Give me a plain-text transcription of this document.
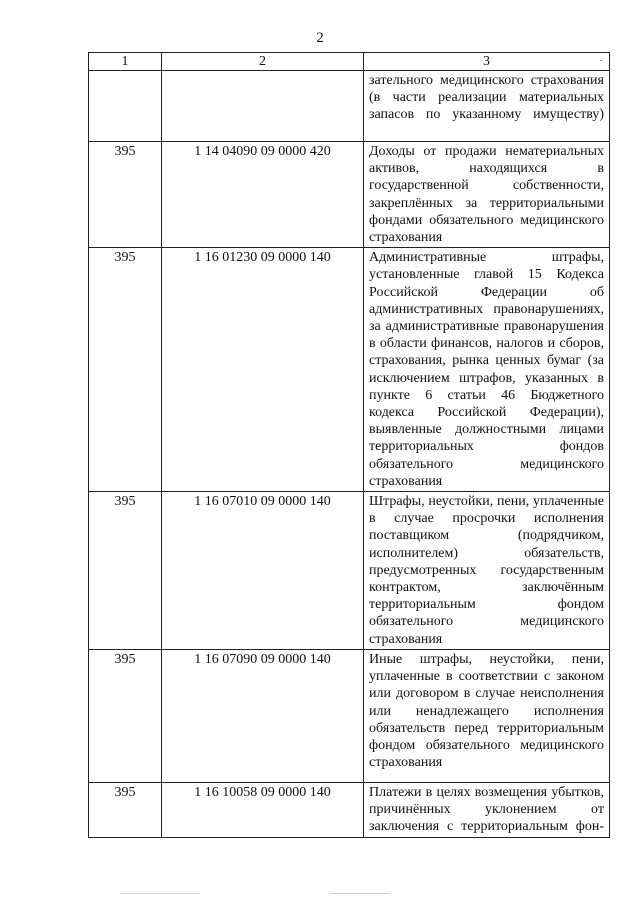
2
1	2	3
		зательного медицинского страхования (в части реализации материальных запасов по указанному имуществу)
395	1 14 04090 09 0000 420	Доходы от продажи нематериальных активов, находящихся в государственной собственности, закреплённых за территориальными фондами обязательного медицинского страхования
395	1 16 01230 09 0000 140	Административные штрафы, установленные главой 15 Кодекса Российской Федерации об административных правонарушениях, за административные правонарушения в области финансов, налогов и сборов, страхования, рынка ценных бумаг (за исключением штрафов, указанных в пункте 6 статьи 46 Бюджетного кодекса Российской Федерации), выявленные должностными лицами территориальных фондов обязательного медицинского страхования
395	1 16 07010 09 0000 140	Штрафы, неустойки, пени, уплаченные в случае просрочки исполнения поставщиком (подрядчиком, исполнителем) обязательств, предусмотренных государственным контрактом, заключённым территориальным фондом обязательного медицинского страхования
395	1 16 07090 09 0000 140	Иные штрафы, неустойки, пени, уплаченные в соответствии с законом или договором в случае неисполнения или ненадлежащего исполнения обязательств перед территориальным фондом обязательного медицинского страхования
395	1 16 10058 09 0000 140	Платежи в целях возмещения убытков, причинённых уклонением от заключения с территориальным фон-
